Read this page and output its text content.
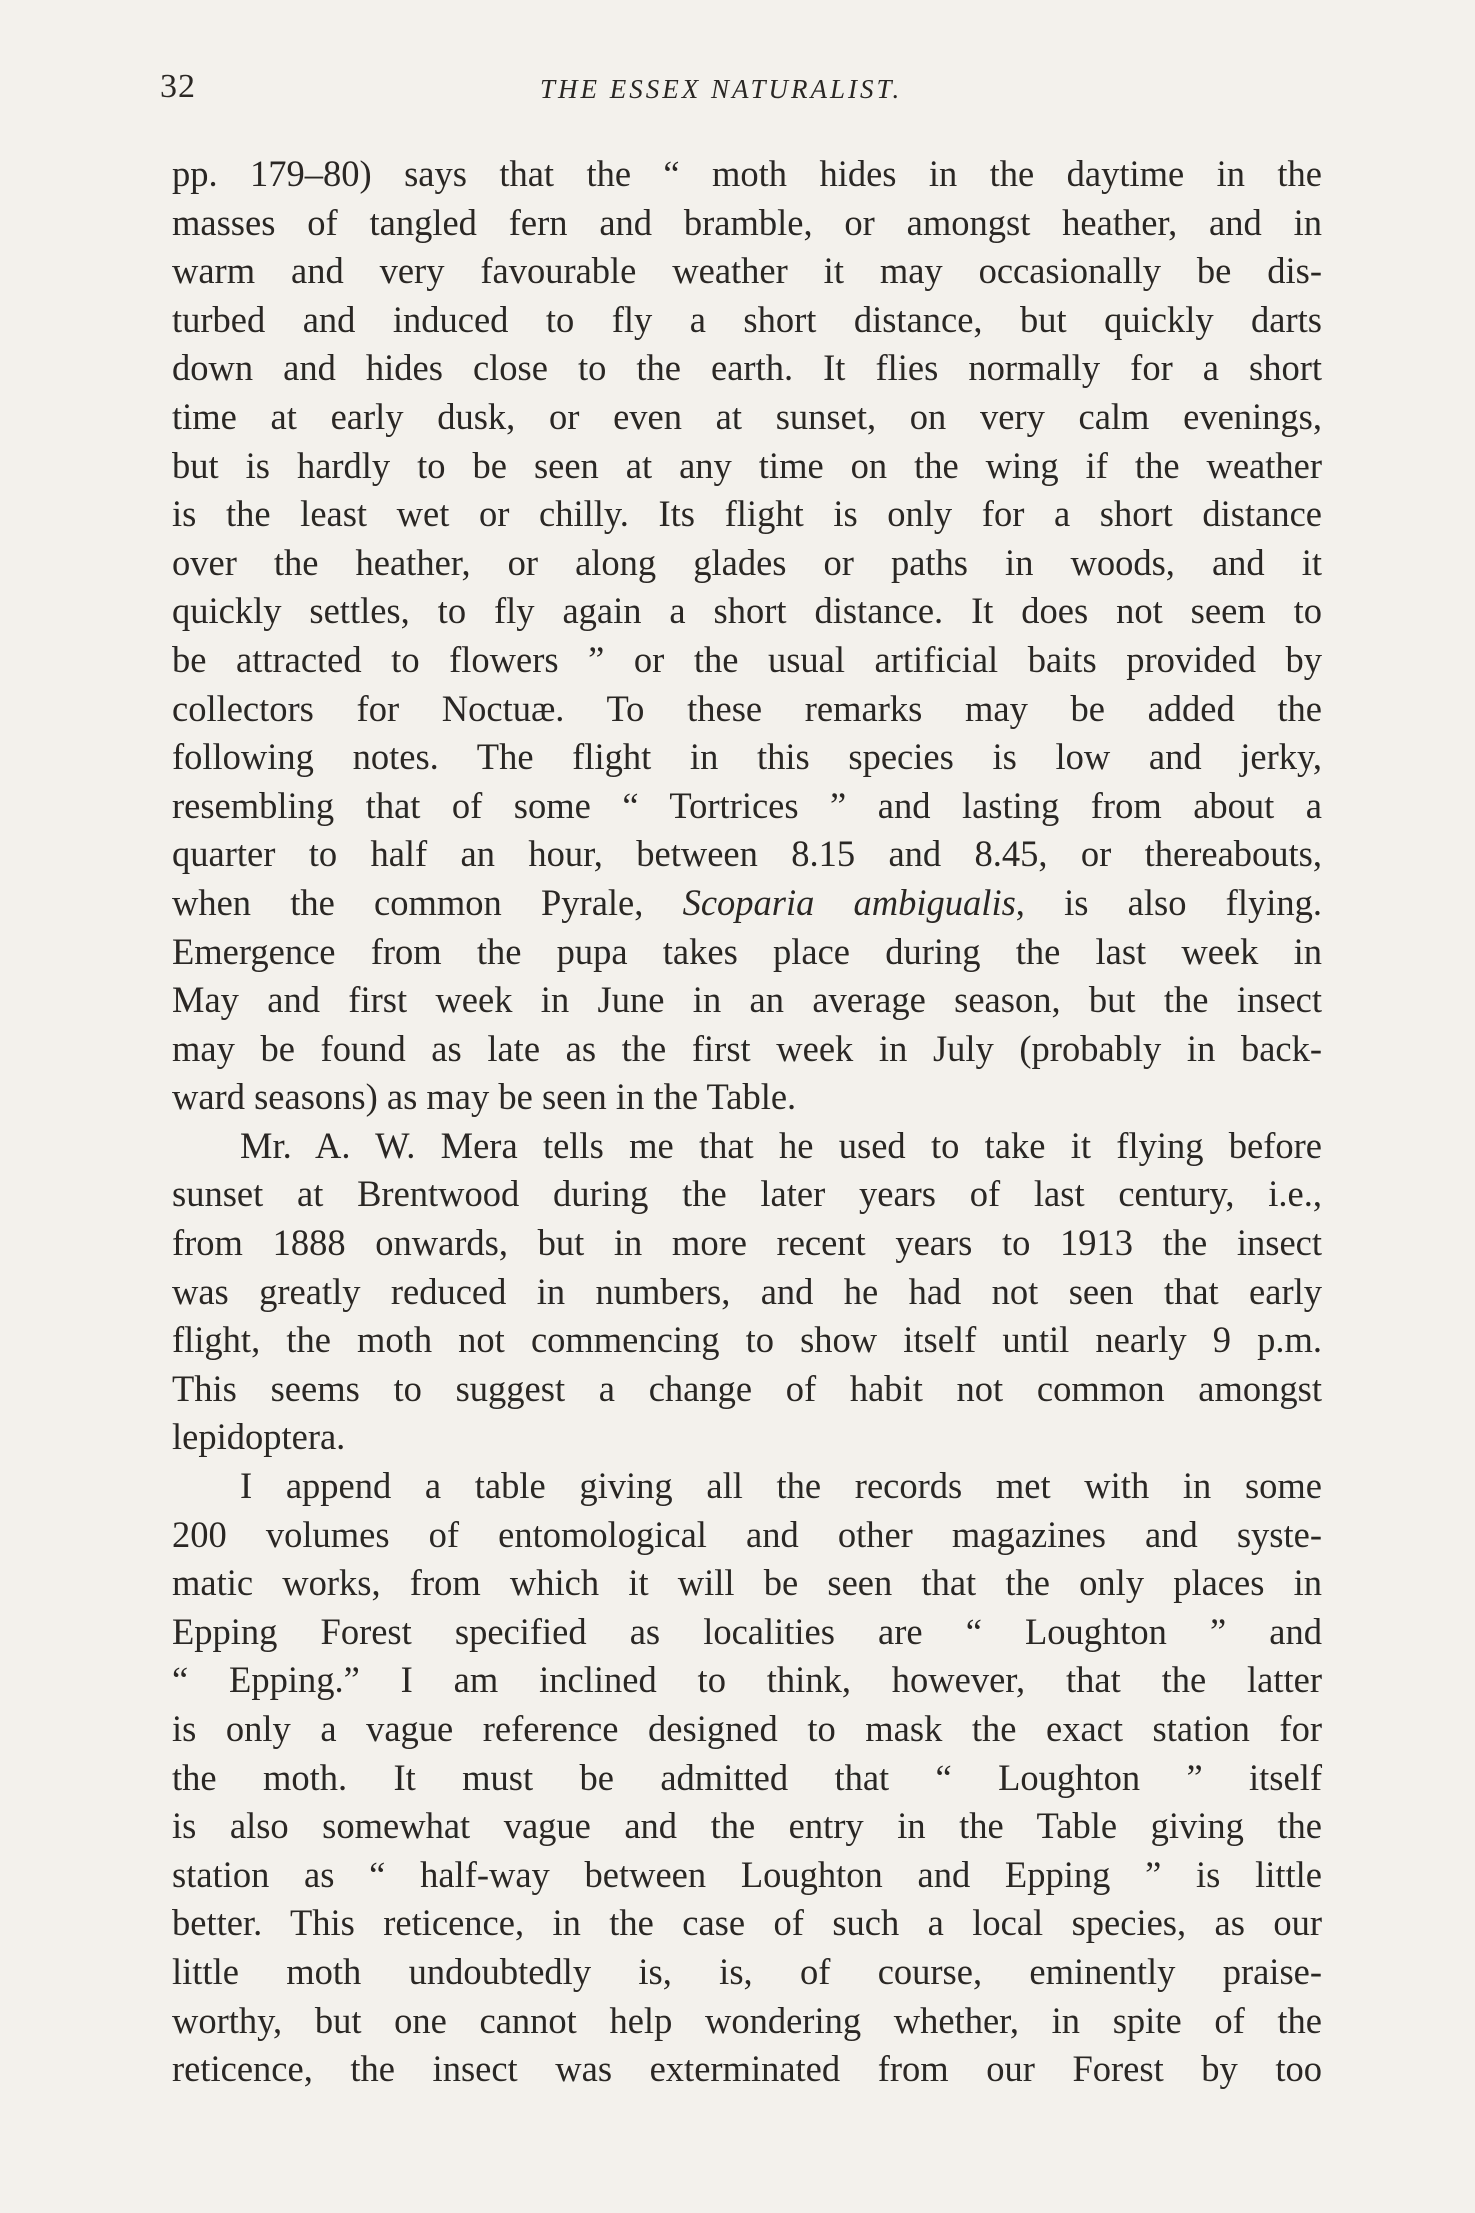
32	THE ESSEX NATURALIST.
pp. 179–80) says that the “ moth hides in the daytime in the
masses of tangled fern and bramble, or amongst heather, and in
warm and very favourable weather it may occasionally be dis-
turbed and induced to fly a short distance, but quickly darts
down and hides close to the earth. It flies normally for a short
time at early dusk, or even at sunset, on very calm evenings,
but is hardly to be seen at any time on the wing if the weather
is the least wet or chilly. Its flight is only for a short distance
over the heather, or along glades or paths in woods, and it
quickly settles, to fly again a short distance. It does not seem to
be attracted to flowers ” or the usual artificial baits provided by
collectors for Noctuæ. To these remarks may be added the
following notes. The flight in this species is low and jerky,
resembling that of some “ Tortrices ” and lasting from about a
quarter to half an hour, between 8.15 and 8.45, or thereabouts,
when the common Pyrale, Scoparia ambigualis, is also flying.
Emergence from the pupa takes place during the last week in
May and first week in June in an average season, but the insect
may be found as late as the first week in July (probably in back-
ward seasons) as may be seen in the Table.
Mr. A. W. Mera tells me that he used to take it flying before
sunset at Brentwood during the later years of last century, i.e.,
from 1888 onwards, but in more recent years to 1913 the insect
was greatly reduced in numbers, and he had not seen that early
flight, the moth not commencing to show itself until nearly 9 p.m.
This seems to suggest a change of habit not common amongst
lepidoptera.
I append a table giving all the records met with in some
200 volumes of entomological and other magazines and syste-
matic works, from which it will be seen that the only places in
Epping Forest specified as localities are “ Loughton ” and
“ Epping.” I am inclined to think, however, that the latter
is only a vague reference designed to mask the exact station for
the moth. It must be admitted that “ Loughton ” itself
is also somewhat vague and the entry in the Table giving the
station as “ half-way between Loughton and Epping ” is little
better. This reticence, in the case of such a local species, as our
little moth undoubtedly is, is, of course, eminently praise-
worthy, but one cannot help wondering whether, in spite of the
reticence, the insect was exterminated from our Forest by too
